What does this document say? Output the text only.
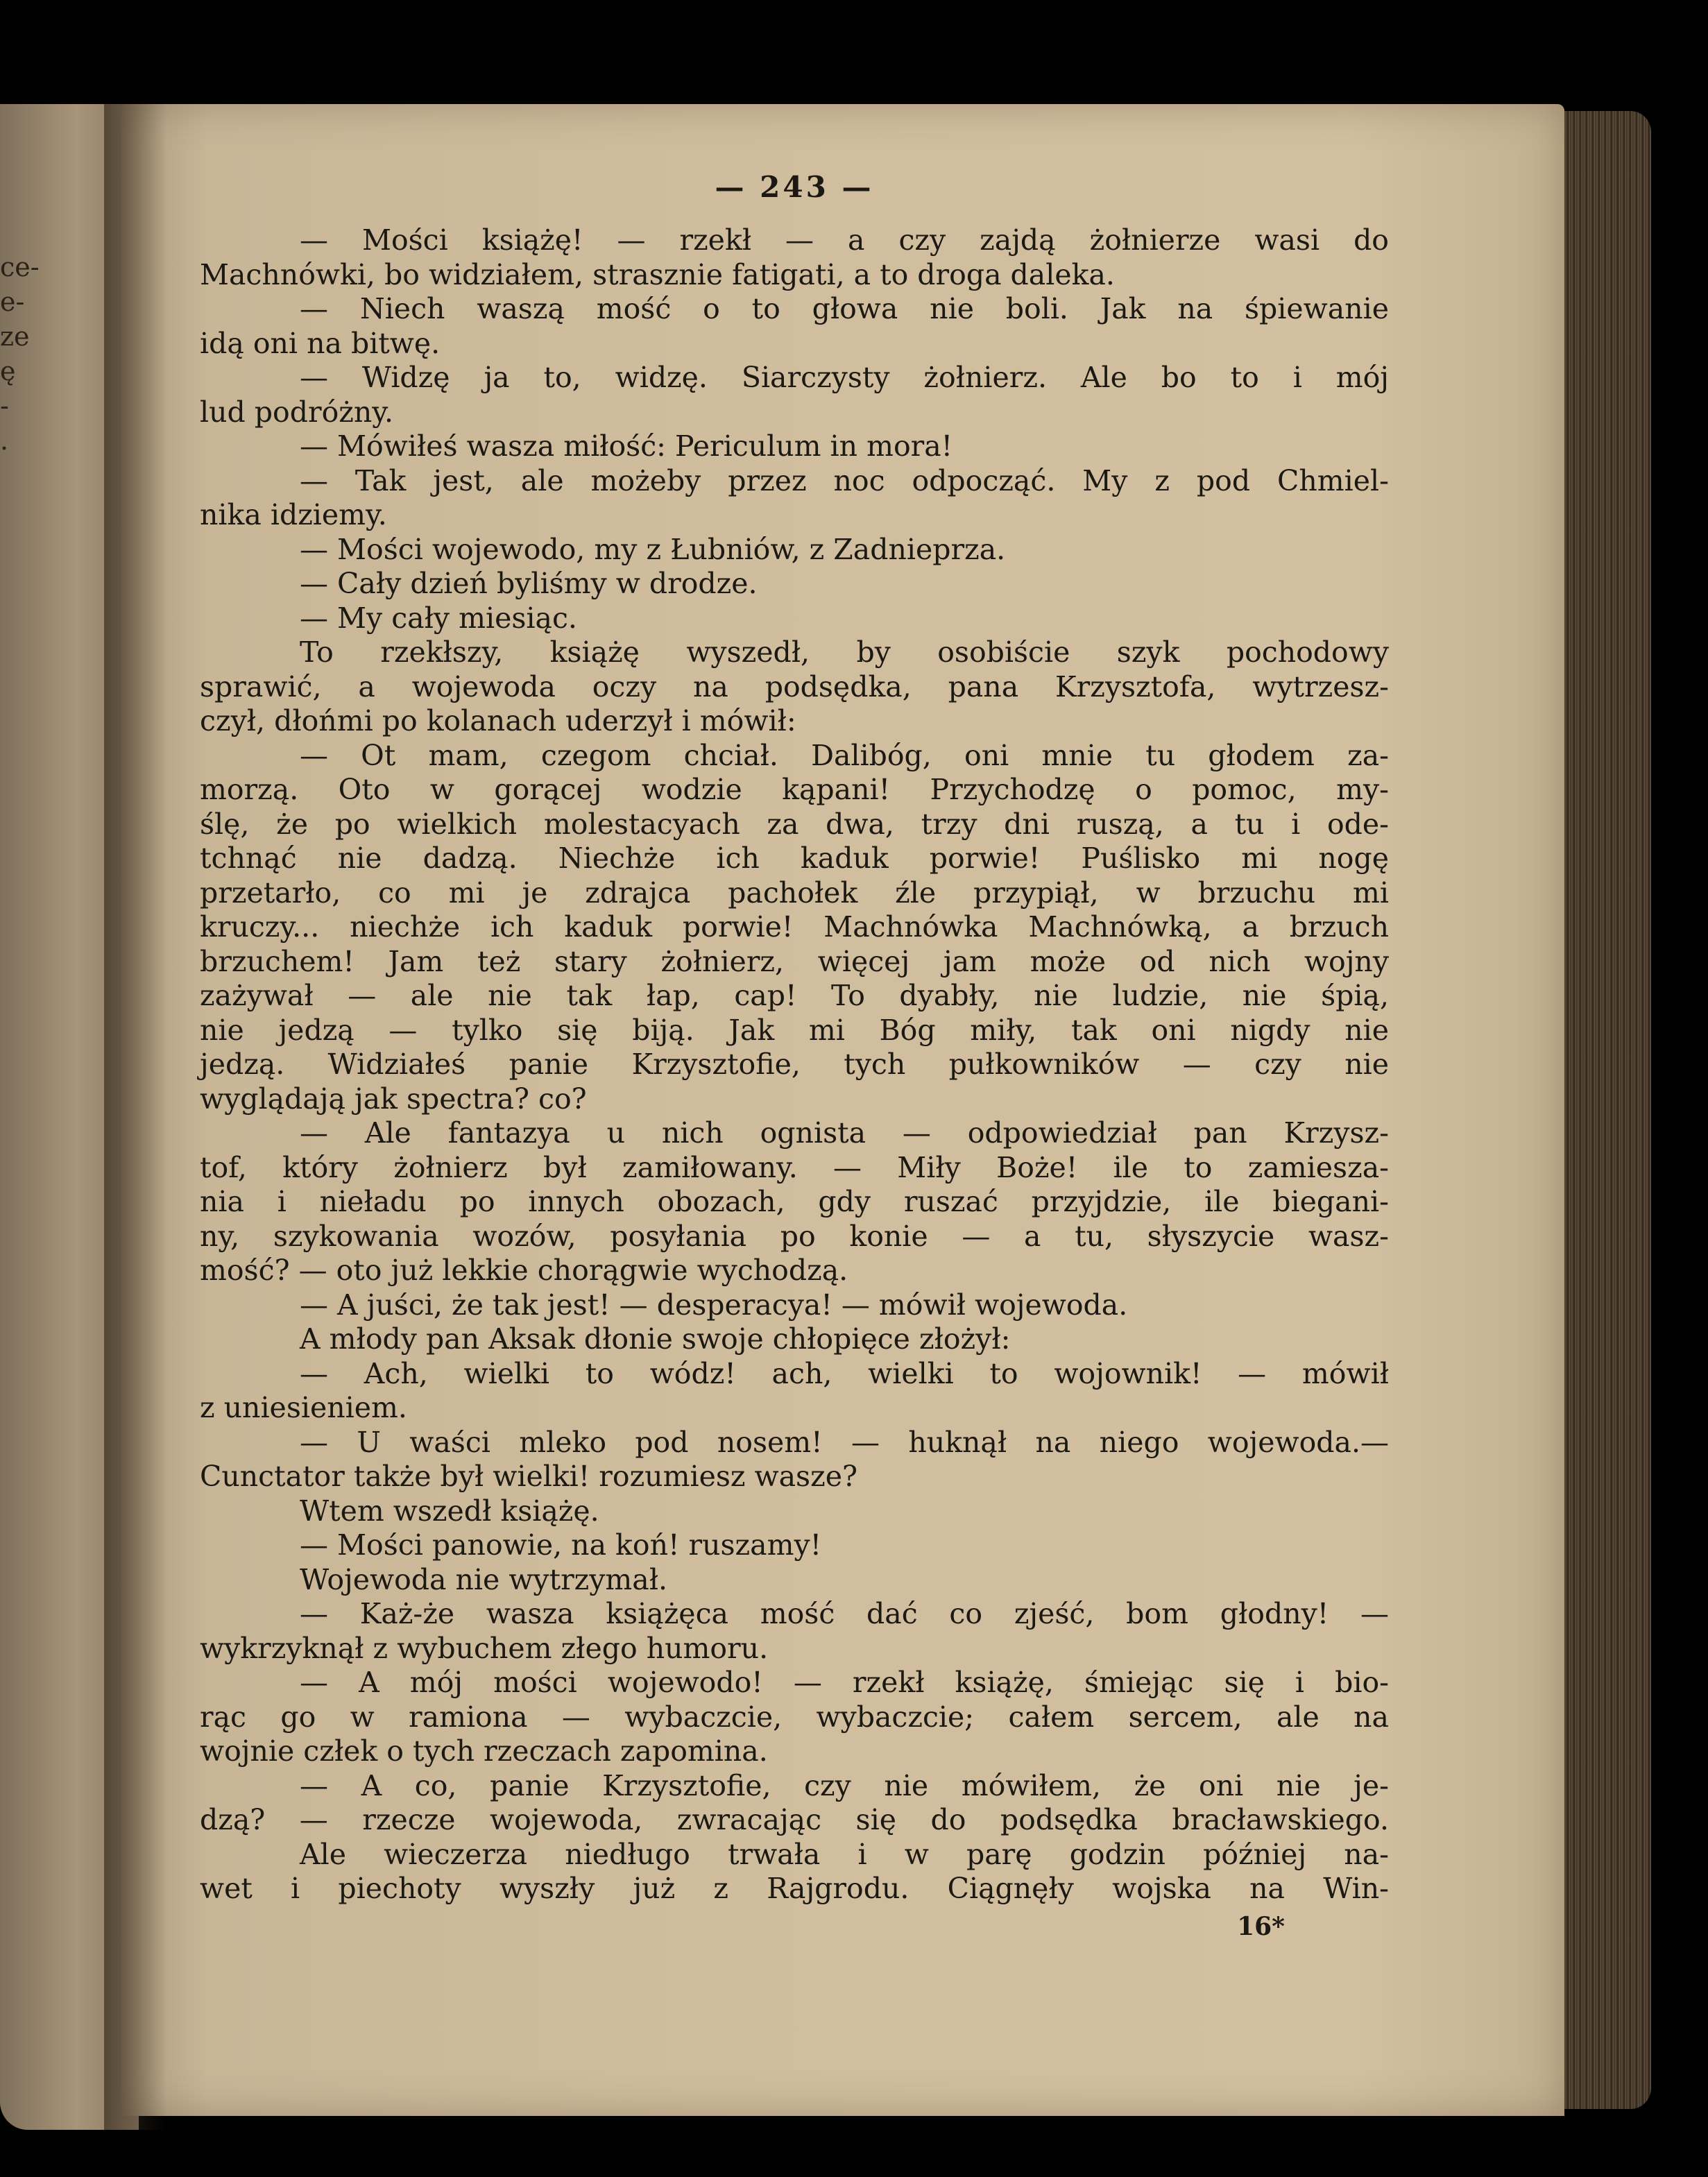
ce-
e-
ze
ę
-
.
— 243 —
— Mości książę! — rzekł — a czy zajdą żołnierze wasi do
Machnówki, bo widziałem, strasznie fatigati, a to droga daleka.
— Niech waszą mość o to głowa nie boli. Jak na śpiewanie
idą oni na bitwę.
— Widzę ja to, widzę. Siarczysty żołnierz. Ale bo to i mój
lud podróżny.
— Mówiłeś wasza miłość: Periculum in mora!
— Tak jest, ale możeby przez noc odpocząć. My z pod Chmiel-
nika idziemy.
— Mości wojewodo, my z Łubniów, z Zadnieprza.
— Cały dzień byliśmy w drodze.
— My cały miesiąc.
To rzekłszy, książę wyszedł, by osobiście szyk pochodowy
sprawić, a wojewoda oczy na podsędka, pana Krzysztofa, wytrzesz-
czył, dłońmi po kolanach uderzył i mówił:
— Ot mam, czegom chciał. Dalibóg, oni mnie tu głodem za-
morzą. Oto w gorącej wodzie kąpani! Przychodzę o pomoc, my-
ślę, że po wielkich molestacyach za dwa, trzy dni ruszą, a tu i ode-
tchnąć nie dadzą. Niechże ich kaduk porwie! Puślisko mi nogę
przetarło, co mi je zdrajca pachołek źle przypiął, w brzuchu mi
kruczy... niechże ich kaduk porwie! Machnówka Machnówką, a brzuch
brzuchem! Jam też stary żołnierz, więcej jam może od nich wojny
zażywał — ale nie tak łap, cap! To dyabły, nie ludzie, nie śpią,
nie jedzą — tylko się biją. Jak mi Bóg miły, tak oni nigdy nie
jedzą. Widziałeś panie Krzysztofie, tych pułkowników — czy nie
wyglądają jak spectra? co?
— Ale fantazya u nich ognista — odpowiedział pan Krzysz-
tof, który żołnierz był zamiłowany. — Miły Boże! ile to zamiesza-
nia i nieładu po innych obozach, gdy ruszać przyjdzie, ile biegani-
ny, szykowania wozów, posyłania po konie — a tu, słyszycie wasz-
mość? — oto już lekkie chorągwie wychodzą.
— A juści, że tak jest! — desperacya! — mówił wojewoda.
A młody pan Aksak dłonie swoje chłopięce złożył:
— Ach, wielki to wódz! ach, wielki to wojownik! — mówił
z uniesieniem.
— U waści mleko pod nosem! — huknął na niego wojewoda.—
Cunctator także był wielki! rozumiesz wasze?
Wtem wszedł książę.
— Mości panowie, na koń! ruszamy!
Wojewoda nie wytrzymał.
— Każ-że wasza książęca mość dać co zjeść, bom głodny! —
wykrzyknął z wybuchem złego humoru.
— A mój mości wojewodo! — rzekł książę, śmiejąc się i bio-
rąc go w ramiona — wybaczcie, wybaczcie; całem sercem, ale na
wojnie człek o tych rzeczach zapomina.
— A co, panie Krzysztofie, czy nie mówiłem, że oni nie je-
dzą? — rzecze wojewoda, zwracając się do podsędka bracławskiego.
Ale wieczerza niedługo trwała i w parę godzin później na-
wet i piechoty wyszły już z Rajgrodu. Ciągnęły wojska na Win-
16*
